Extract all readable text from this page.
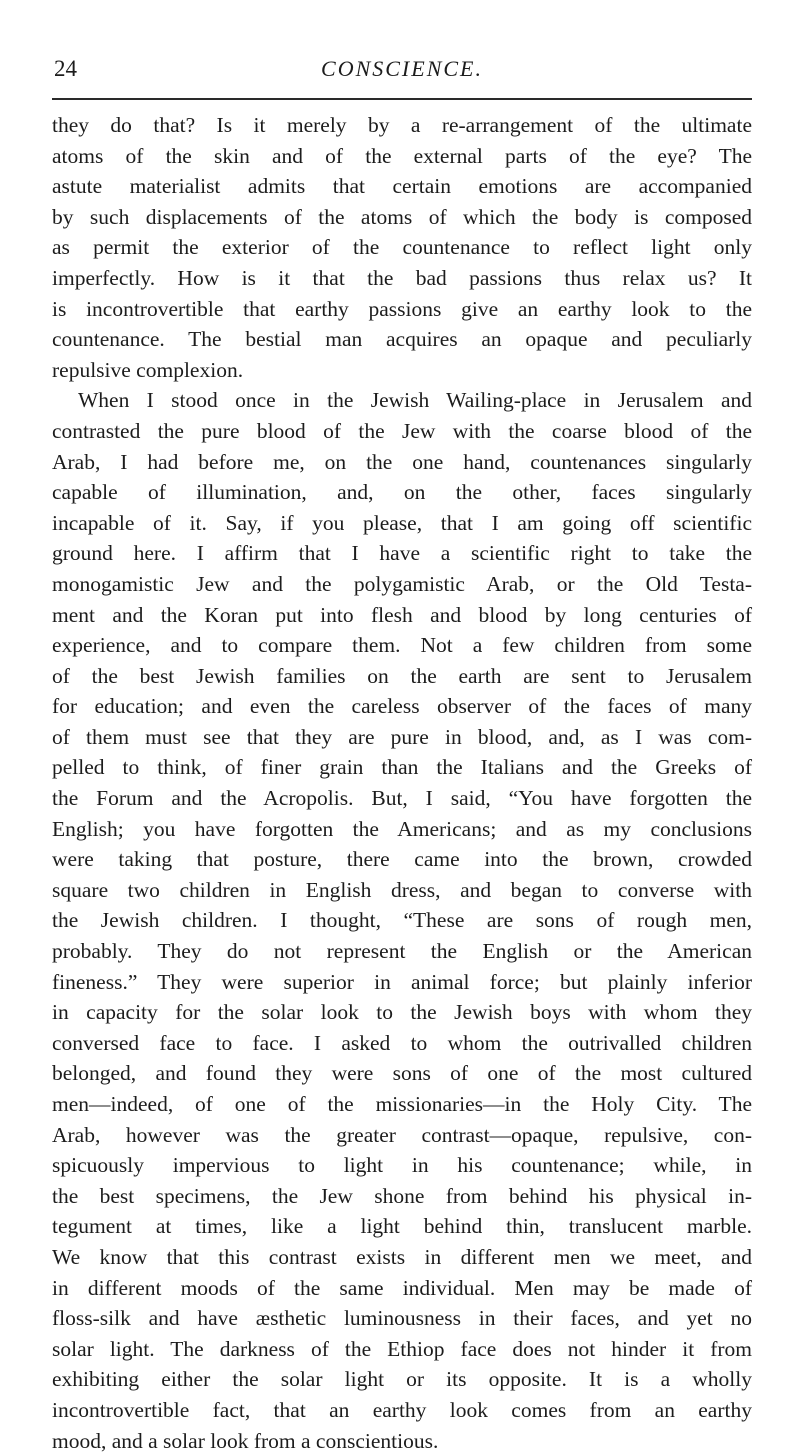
24	CONSCIENCE.
they do that? Is it merely by a re-arrangement of the ultimate
atoms of the skin and of the external parts of the eye? The
astute materialist admits that certain emotions are accompanied
by such displacements of the atoms of which the body is composed
as permit the exterior of the countenance to reflect light only
imperfectly. How is it that the bad passions thus relax us? It
is incontrovertible that earthy passions give an earthy look to the
countenance. The bestial man acquires an opaque and peculiarly
repulsive complexion.
When I stood once in the Jewish Wailing-place in Jerusalem and
contrasted the pure blood of the Jew with the coarse blood of the
Arab, I had before me, on the one hand, countenances singularly
capable of illumination, and, on the other, faces singularly
incapable of it. Say, if you please, that I am going off scientific
ground here. I affirm that I have a scientific right to take the
monogamistic Jew and the polygamistic Arab, or the Old Testa-
ment and the Koran put into flesh and blood by long centuries of
experience, and to compare them. Not a few children from some
of the best Jewish families on the earth are sent to Jerusalem
for education; and even the careless observer of the faces of many
of them must see that they are pure in blood, and, as I was com-
pelled to think, of finer grain than the Italians and the Greeks of
the Forum and the Acropolis. But, I said, “You have forgotten the
English; you have forgotten the Americans; and as my conclusions
were taking that posture, there came into the brown, crowded
square two children in English dress, and began to converse with
the Jewish children. I thought, “These are sons of rough men,
probably. They do not represent the English or the American
fineness.” They were superior in animal force; but plainly inferior
in capacity for the solar look to the Jewish boys with whom they
conversed face to face. I asked to whom the outrivalled children
belonged, and found they were sons of one of the most cultured
men—indeed, of one of the missionaries—in the Holy City. The
Arab, however was the greater contrast—opaque, repulsive, con-
spicuously impervious to light in his countenance; while, in
the best specimens, the Jew shone from behind his physical in-
tegument at times, like a light behind thin, translucent marble.
We know that this contrast exists in different men we meet, and
in different moods of the same individual. Men may be made of
floss-silk and have æsthetic luminousness in their faces, and yet no
solar light. The darkness of the Ethiop face does not hinder it from
exhibiting either the solar light or its opposite. It is a wholly
incontrovertible fact, that an earthy look comes from an earthy
mood, and a solar look from a conscientious.
